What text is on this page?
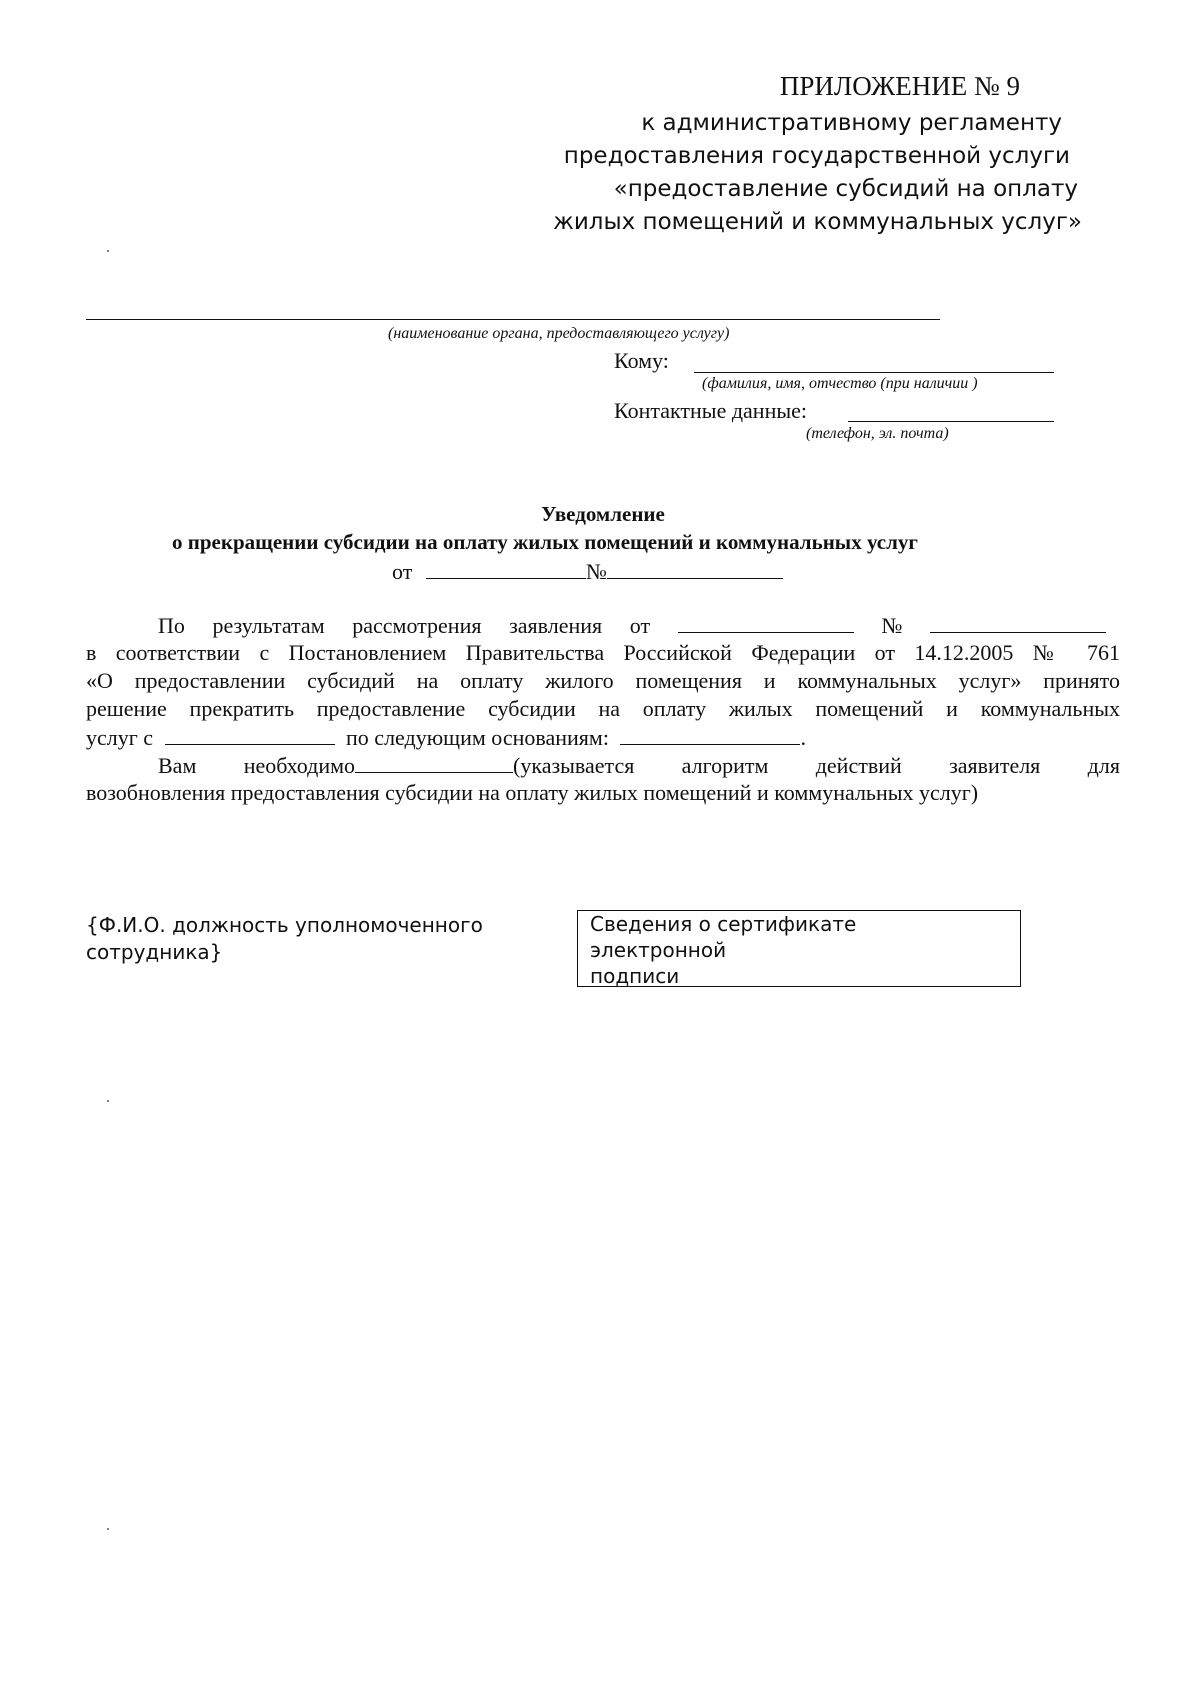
ПРИЛОЖЕНИЕ № 9
к административному регламенту
предоставления государственной услуги
«предоставление субсидий на оплату
жилых помещений и коммунальных услуг»
(наименование органа, предоставляющего услугу)
Кому:
(фамилия, имя, отчество (при наличии )
Контактные данные:
(телефон, эл. почта)
Уведомление
о прекращении субсидии на оплату жилых помещений и коммунальных услуг
от	№
По результатам рассмотрения заявления от	№
в соответствии с Постановлением Правительства Российской Федерации от 14.12.2005 № 761
«О предоставлении субсидий на оплату жилого помещения и коммунальных услуг» принято
решение прекратить предоставление субсидии на оплату жилых помещений и коммунальных
услуг с	по следующим основаниям:	.
Вам необходимо	(указывается алгоритм действий заявителя для
возобновления предоставления субсидии на оплату жилых помещений и коммунальных услуг)
{Ф.И.О. должность уполномоченного
сотрудника}
Сведения о сертификате
электронной
подписи
